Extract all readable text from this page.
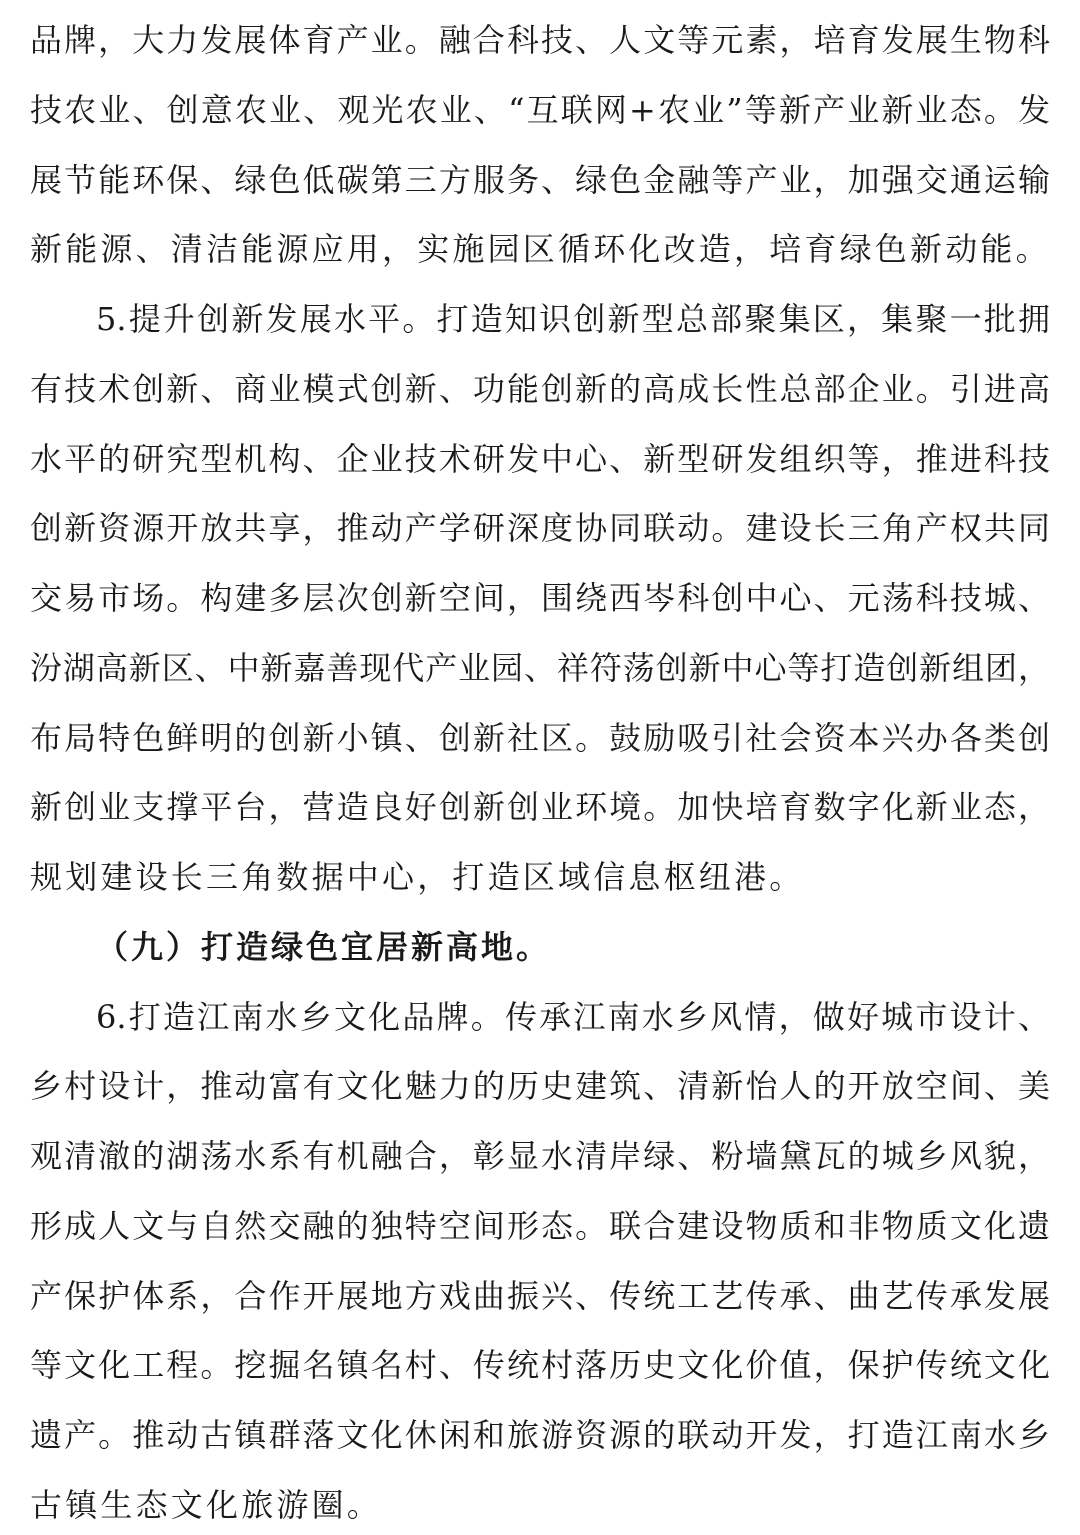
品牌，大力发展体育产业。融合科技、人文等元素，培育发展生物科
技农业、创意农业、观光农业、“互联网+农业”等新产业新业态。发
展节能环保、绿色低碳第三方服务、绿色金融等产业，加强交通运输
新能源、清洁能源应用，实施园区循环化改造，培育绿色新动能。
5.提升创新发展水平。打造知识创新型总部聚集区，集聚一批拥
有技术创新、商业模式创新、功能创新的高成长性总部企业。引进高
水平的研究型机构、企业技术研发中心、新型研发组织等，推进科技
创新资源开放共享，推动产学研深度协同联动。建设长三角产权共同
交易市场。构建多层次创新空间，围绕西岑科创中心、元荡科技城、
汾湖高新区、中新嘉善现代产业园、祥符荡创新中心等打造创新组团，
布局特色鲜明的创新小镇、创新社区。鼓励吸引社会资本兴办各类创
新创业支撑平台，营造良好创新创业环境。加快培育数字化新业态，
规划建设长三角数据中心，打造区域信息枢纽港。
（九）打造绿色宜居新高地。
6.打造江南水乡文化品牌。传承江南水乡风情，做好城市设计、
乡村设计，推动富有文化魅力的历史建筑、清新怡人的开放空间、美
观清澈的湖荡水系有机融合，彰显水清岸绿、粉墙黛瓦的城乡风貌，
形成人文与自然交融的独特空间形态。联合建设物质和非物质文化遗
产保护体系，合作开展地方戏曲振兴、传统工艺传承、曲艺传承发展
等文化工程。挖掘名镇名村、传统村落历史文化价值，保护传统文化
遗产。推动古镇群落文化休闲和旅游资源的联动开发，打造江南水乡
古镇生态文化旅游圈。
